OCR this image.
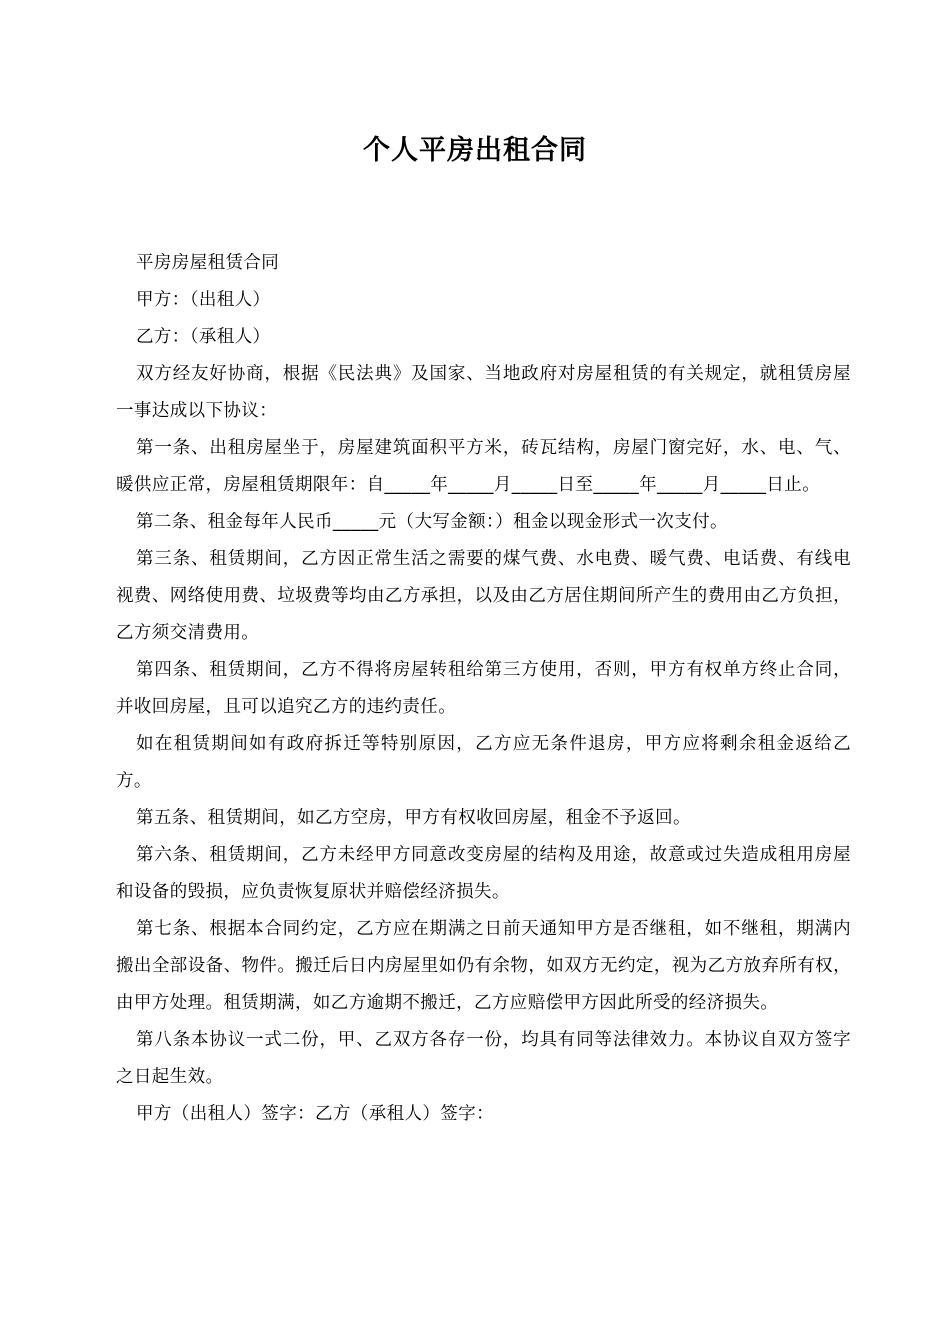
个人平房出租合同

平房房屋租赁合同

甲方：（出租人）

乙方：（承租人）

双方经友好协商，根据《民法典》及国家、当地政府对房屋租赁的有关规定，就租赁房屋一事达成以下协议：

第一条、出租房屋坐于，房屋建筑面积平方米，砖瓦结构，房屋门窗完好，水、电、气、暖供应正常，房屋租赁期限年：自_____年_____月_____日至_____年_____月_____日止。

第二条、租金每年人民币_____元（大写金额：）租金以现金形式一次支付。

第三条、租赁期间，乙方因正常生活之需要的煤气费、水电费、暖气费、电话费、有线电视费、网络使用费、垃圾费等均由乙方承担，以及由乙方居住期间所产生的费用由乙方负担，乙方须交清费用。

第四条、租赁期间，乙方不得将房屋转租给第三方使用，否则，甲方有权单方终止合同，并收回房屋，且可以追究乙方的违约责任。

如在租赁期间如有政府拆迁等特别原因，乙方应无条件退房，甲方应将剩余租金返给乙方。

第五条、租赁期间，如乙方空房，甲方有权收回房屋，租金不予返回。

第六条、租赁期间，乙方未经甲方同意改变房屋的结构及用途，故意或过失造成租用房屋和设备的毁损，应负责恢复原状并赔偿经济损失。

第七条、根据本合同约定，乙方应在期满之日前天通知甲方是否继租，如不继租，期满内搬出全部设备、物件。搬迁后日内房屋里如仍有余物，如双方无约定，视为乙方放弃所有权，由甲方处理。租赁期满，如乙方逾期不搬迁，乙方应赔偿甲方因此所受的经济损失。

第八条本协议一式二份，甲、乙双方各存一份，均具有同等法律效力。本协议自双方签字之日起生效。

甲方（出租人）签字：乙方（承租人）签字：
